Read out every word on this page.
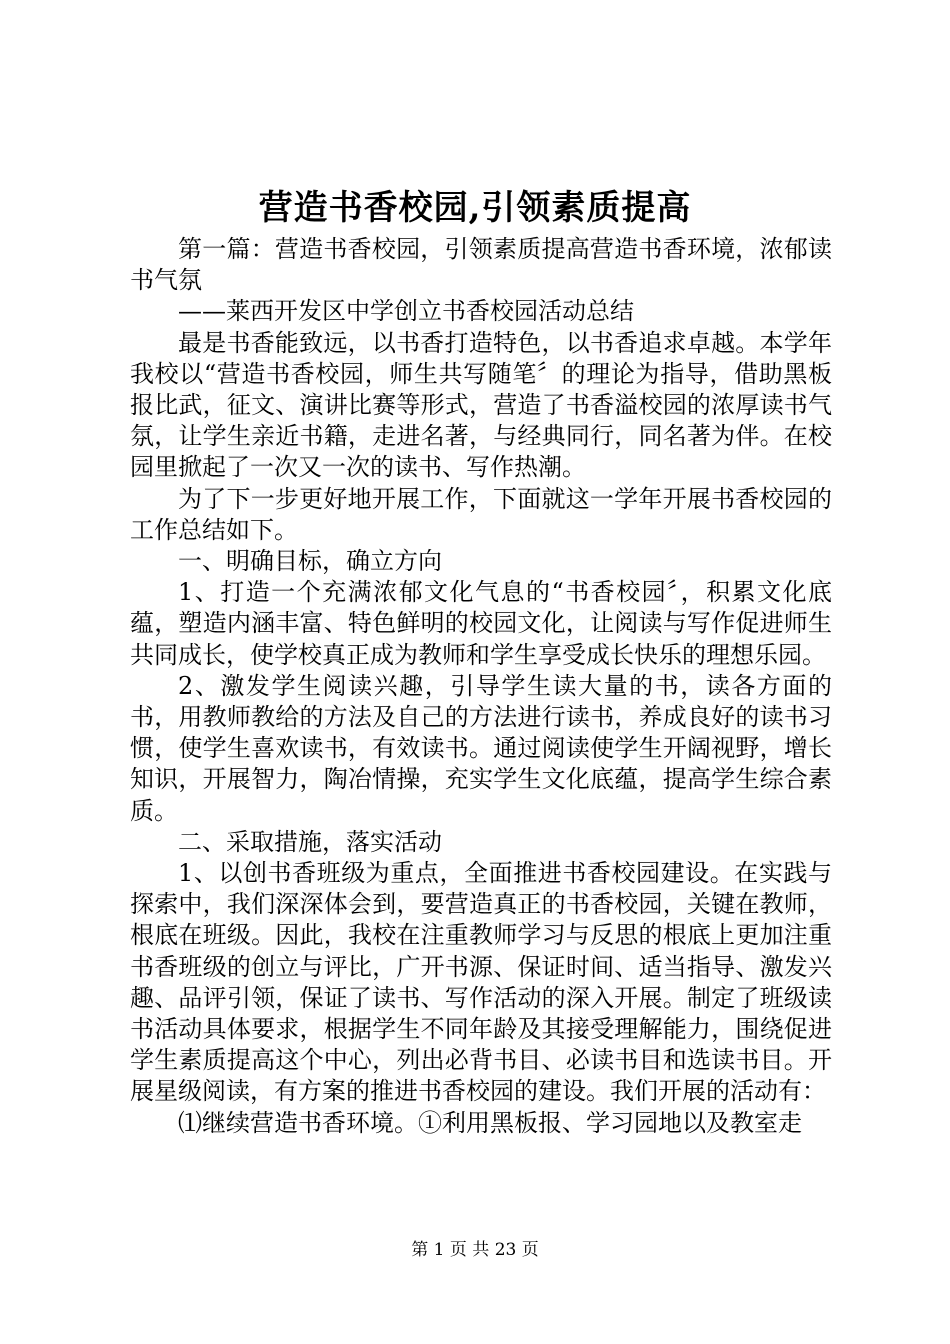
营造书香校园,引领素质提高

第一篇：营造书香校园，引领素质提高营造书香环境，浓郁读书气氛

——莱西开发区中学创立书香校园活动总结

最是书香能致远，以书香打造特色，以书香追求卓越。本学年我校以“营造书香校园，师生共写随笔〞的理论为指导，借助黑板报比武，征文、演讲比赛等形式，营造了书香溢校园的浓厚读书气氛，让学生亲近书籍，走进名著，与经典同行，同名著为伴。在校园里掀起了一次又一次的读书、写作热潮。

为了下一步更好地开展工作，下面就这一学年开展书香校园的工作总结如下。

一、明确目标，确立方向

1、打造一个充满浓郁文化气息的“书香校园〞，积累文化底蕴，塑造内涵丰富、特色鲜明的校园文化，让阅读与写作促进师生共同成长，使学校真正成为教师和学生享受成长快乐的理想乐园。

2、激发学生阅读兴趣，引导学生读大量的书，读各方面的书，用教师教给的方法及自己的方法进行读书，养成良好的读书习惯，使学生喜欢读书，有效读书。通过阅读使学生开阔视野，增长知识，开展智力，陶冶情操，充实学生文化底蕴，提高学生综合素质。

二、采取措施，落实活动

1、以创书香班级为重点，全面推进书香校园建设。在实践与探索中，我们深深体会到，要营造真正的书香校园，关键在教师，根底在班级。因此，我校在注重教师学习与反思的根底上更加注重书香班级的创立与评比，广开书源、保证时间、适当指导、激发兴趣、品评引领，保证了读书、写作活动的深入开展。制定了班级读书活动具体要求，根据学生不同年龄及其接受理解能力，围绕促进学生素质提高这个中心，列出必背书目、必读书目和选读书目。开展星级阅读，有方案的推进书香校园的建设。我们开展的活动有：

⑴继续营造书香环境。①利用黑板报、学习园地以及教室走

第 1 页 共 23 页
